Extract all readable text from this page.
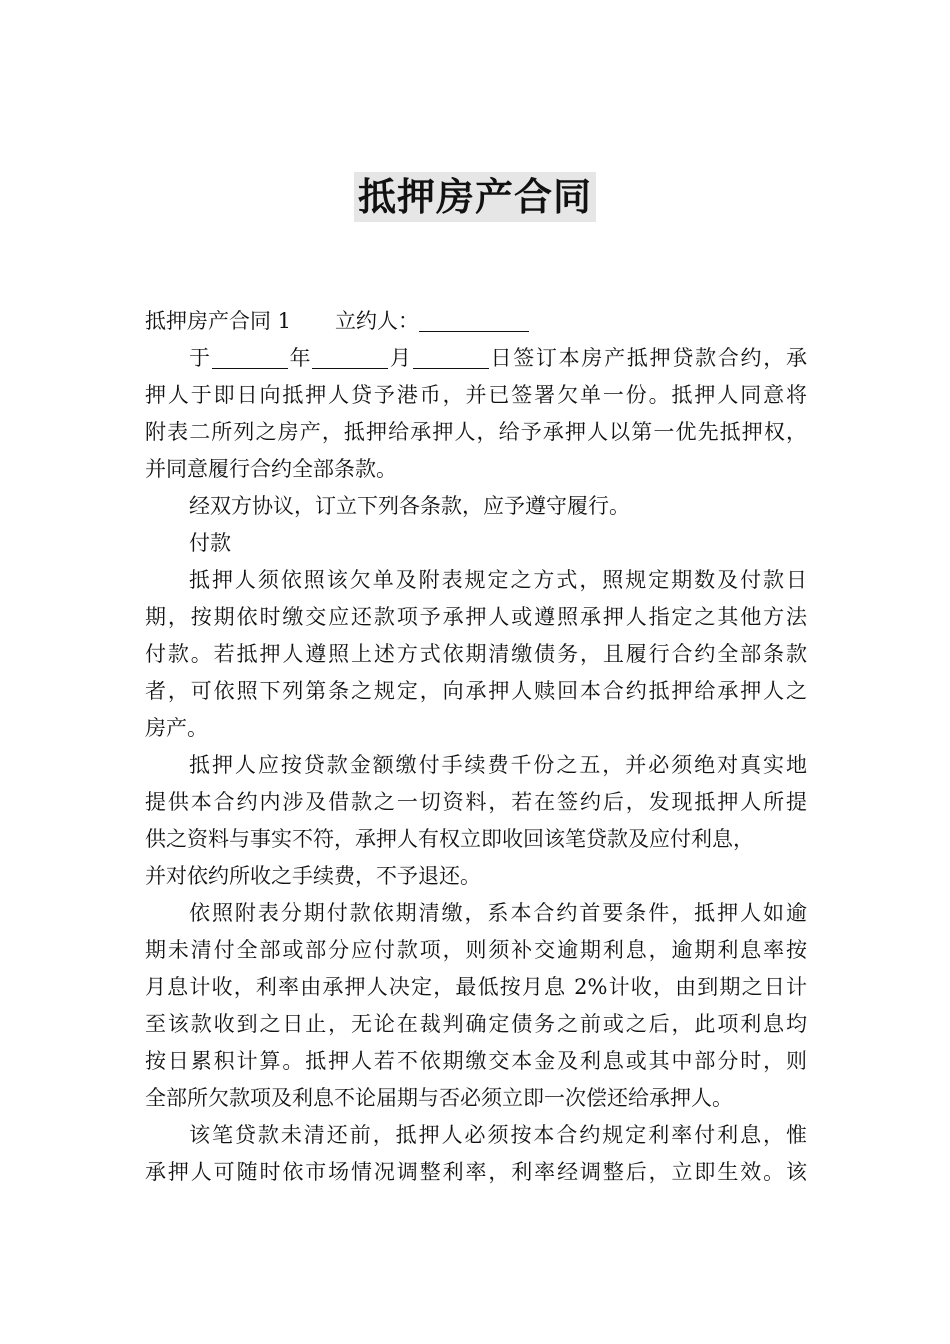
抵押房产合同
抵押房产合同 1 立约人：
于	年	月	日签订本房产抵押贷款合约，承
押人于即日向抵押人贷予港币，并已签署欠单一份。抵押人同意将
附表二所列之房产，抵押给承押人，给予承押人以第一优先抵押权，
并同意履行合约全部条款。
经双方协议，订立下列各条款，应予遵守履行。
付款
抵押人须依照该欠单及附表规定之方式，照规定期数及付款日
期，按期依时缴交应还款项予承押人或遵照承押人指定之其他方法
付款。若抵押人遵照上述方式依期清缴债务，且履行合约全部条款
者，可依照下列第条之规定，向承押人赎回本合约抵押给承押人之
房产。
抵押人应按贷款金额缴付手续费千份之五，并必须绝对真实地
提供本合约内涉及借款之一切资料，若在签约后，发现抵押人所提
供之资料与事实不符，承押人有权立即收回该笔贷款及应付利息，
并对依约所收之手续费，不予退还。
依照附表分期付款依期清缴，系本合约首要条件，抵押人如逾
期未清付全部或部分应付款项，则须补交逾期利息，逾期利息率按
月息计收，利率由承押人决定，最低按月息 2%计收，由到期之日计
至该款收到之日止，无论在裁判确定债务之前或之后，此项利息均
按日累积计算。抵押人若不依期缴交本金及利息或其中部分时，则
全部所欠款项及利息不论届期与否必须立即一次偿还给承押人。
该笔贷款未清还前，抵押人必须按本合约规定利率付利息，惟
承押人可随时依市场情况调整利率，利率经调整后，立即生效。该
